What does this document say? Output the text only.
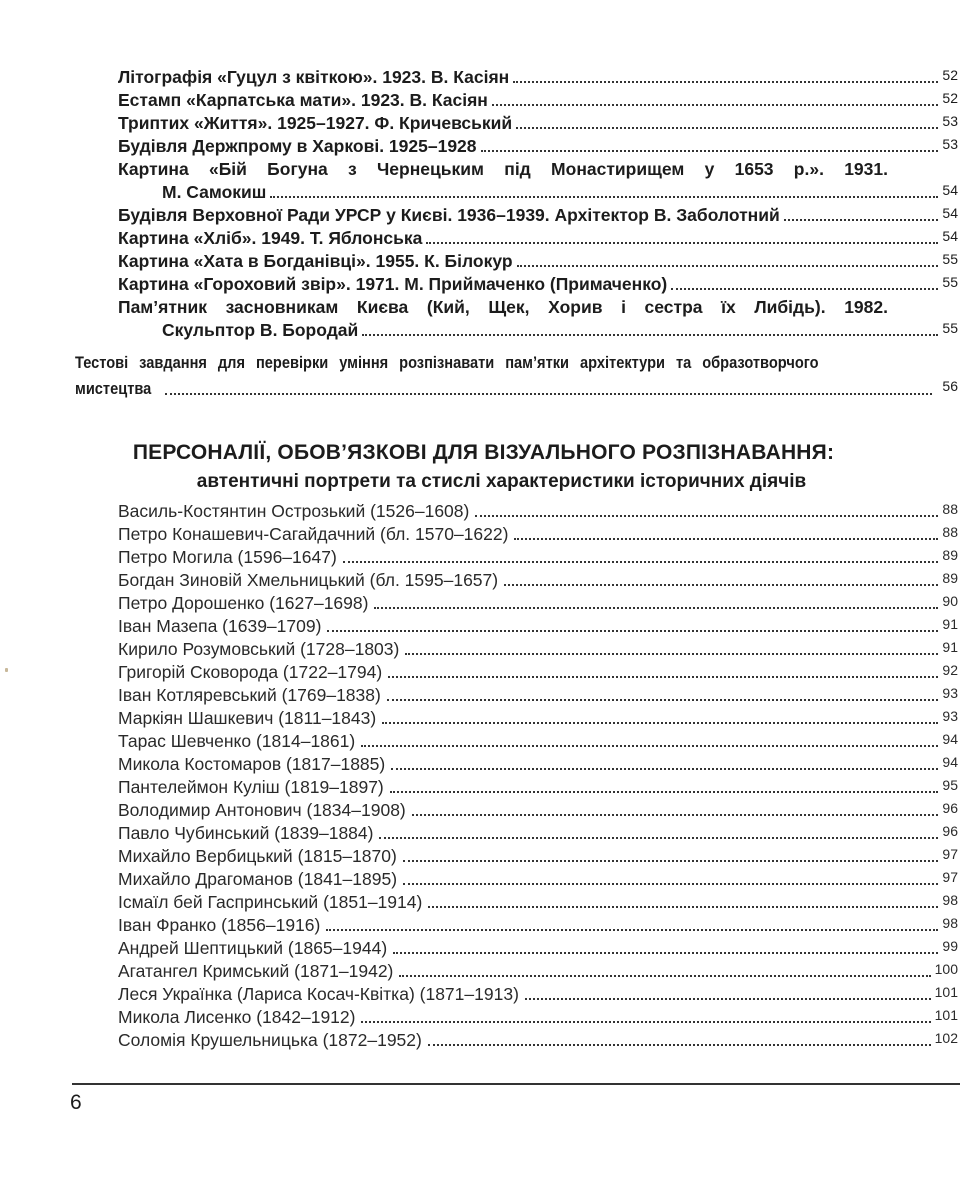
Літографія «Гуцул з квіткою». 1923. В. Касіян	52
Естамп «Карпатська мати». 1923. В. Касіян	52
Триптих «Життя». 1925–1927. Ф. Кричевський	53
Будівля Держпрому в Харкові. 1925–1928	53
Картина «Бій Богуна з Чернецьким під Монастирищем у 1653 р.». 1931.
М. Самокиш	54
Будівля Верховної Ради УРСР у Києві. 1936–1939. Архітектор В. Заболотний	54
Картина «Хліб». 1949. Т. Яблонська	54
Картина «Хата в Богданівці». 1955. К. Білокур	55
Картина «Гороховий звір». 1971. М. Приймаченко (Примаченко)	55
Пам’ятник засновникам Києва (Кий, Щек, Хорив і сестра їх Либідь). 1982.
Скульптор В. Бородай	55
Тестові завдання для перевірки уміння розпізнавати пам’ятки архітектури та образотворчого
мистецтва	56
ПЕРСОНАЛІЇ, ОБОВ’ЯЗКОВІ ДЛЯ ВІЗУАЛЬНОГО РОЗПІЗНАВАННЯ:
автентичні портрети та стислі характеристики історичних діячів
Василь-Костянтин Острозький (1526–1608)	88
Петро Конашевич-Сагайдачний (бл. 1570–1622)	88
Петро Могила (1596–1647)	89
Богдан Зиновій Хмельницький (бл. 1595–1657)	89
Петро Дорошенко (1627–1698)	90
Іван Мазепа (1639–1709)	91
Кирило Розумовський (1728–1803)	91
Григорій Сковорода (1722–1794)	92
Іван Котляревський (1769–1838)	93
Маркіян Шашкевич (1811–1843)	93
Тарас Шевченко (1814–1861)	94
Микола Костомаров (1817–1885)	94
Пантелеймон Куліш (1819–1897)	95
Володимир Антонович (1834–1908)	96
Павло Чубинський (1839–1884)	96
Михайло Вербицький (1815–1870)	97
Михайло Драгоманов (1841–1895)	97
Ісмаїл бей Гаспринський (1851–1914)	98
Іван Франко (1856–1916)	98
Андрей Шептицький (1865–1944)	99
Агатангел Кримський (1871–1942)	100
Леся Українка (Лариса Косач-Квітка) (1871–1913)	101
Микола Лисенко (1842–1912)	101
Соломія Крушельницька (1872–1952)	102
6
